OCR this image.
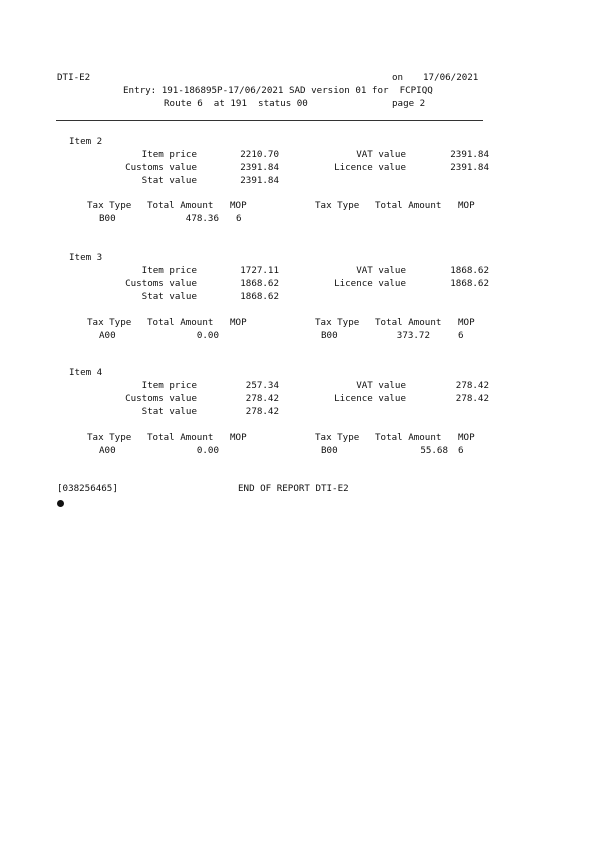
DTI-E2	on 17/06/2021
Entry: 191-186895P-17/06/2021 SAD version 01 for  FCPIQQ
Route 6  at 191  status 00	page 2
Item 2
Item price	2210.70	VAT value	2391.84
Customs value	2391.84	Licence value	2391.84
Stat value	2391.84
Tax Type Total Amount MOP	Tax Type Total Amount MOP
B00	478.36 6
Item 3
Item price	1727.11	VAT value	1868.62
Customs value	1868.62	Licence value	1868.62
Stat value	1868.62
Tax Type Total Amount MOP	Tax Type Total Amount MOP
A00	0.00	B00	373.72	6
Item 4
Item price	257.34	VAT value	278.42
Customs value	278.42	Licence value	278.42
Stat value	278.42
Tax Type Total Amount MOP	Tax Type Total Amount MOP
A00	0.00	B00	55.68 6
[038256465]	END OF REPORT DTI-E2
